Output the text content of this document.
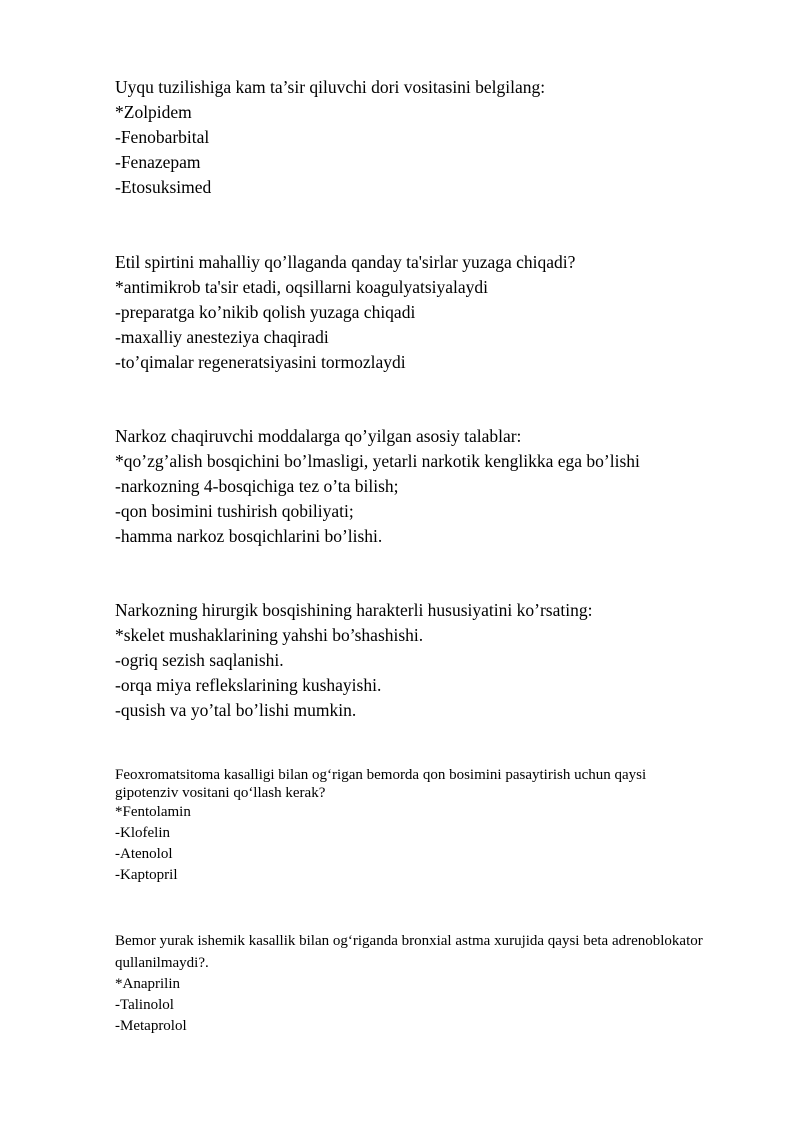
Uyqu tuzilishiga kam ta’sir qiluvchi dori vositasini belgilang:
*Zolpidem
-Fenobarbital
-Fenazepam
-Etosuksimed
Etil spirtini mahalliy qo’llaganda qanday ta'sirlar yuzaga chiqadi?
*antimikrob ta'sir etadi, oqsillarni koagulyatsiyalaydi
-preparatga ko’nikib qolish yuzaga chiqadi
-maxalliy anesteziya chaqiradi
-to’qimalar regeneratsiyasini tormozlaydi
Narkoz chaqiruvchi moddalarga qo’yilgan asosiy talablar:
*qo’zg’alish bosqichini bo’lmasligi, yetarli narkotik kenglikka ega bo’lishi
-narkozning 4-bosqichiga tez o’ta bilish;
-qon bosimini tushirish qobiliyati;
-hamma narkoz bosqichlarini bo’lishi.
Narkozning hirurgik bosqishining harakterli hususiyatini ko’rsating:
*skelet mushaklarining yahshi bo’shashishi.
-ogriq sezish saqlanishi.
-orqa miya reflekslarining kushayishi.
-qusish va yo’tal bo’lishi mumkin.
Feoxromatsitoma kasalligi bilan og‘rigan bemorda qon bosimini pasaytirish uchun qaysi gipotenziv vositani qo‘llash kerak?
*Fentolamin
-Klofelin
-Atenolol
-Kaptopril
Bemor yurak ishemik kasallik bilan og‘riganda bronxial astma xurujida qaysi beta adrenoblokator qullanilmaydi?.
*Anaprilin
-Talinolol
-Metaprolol
